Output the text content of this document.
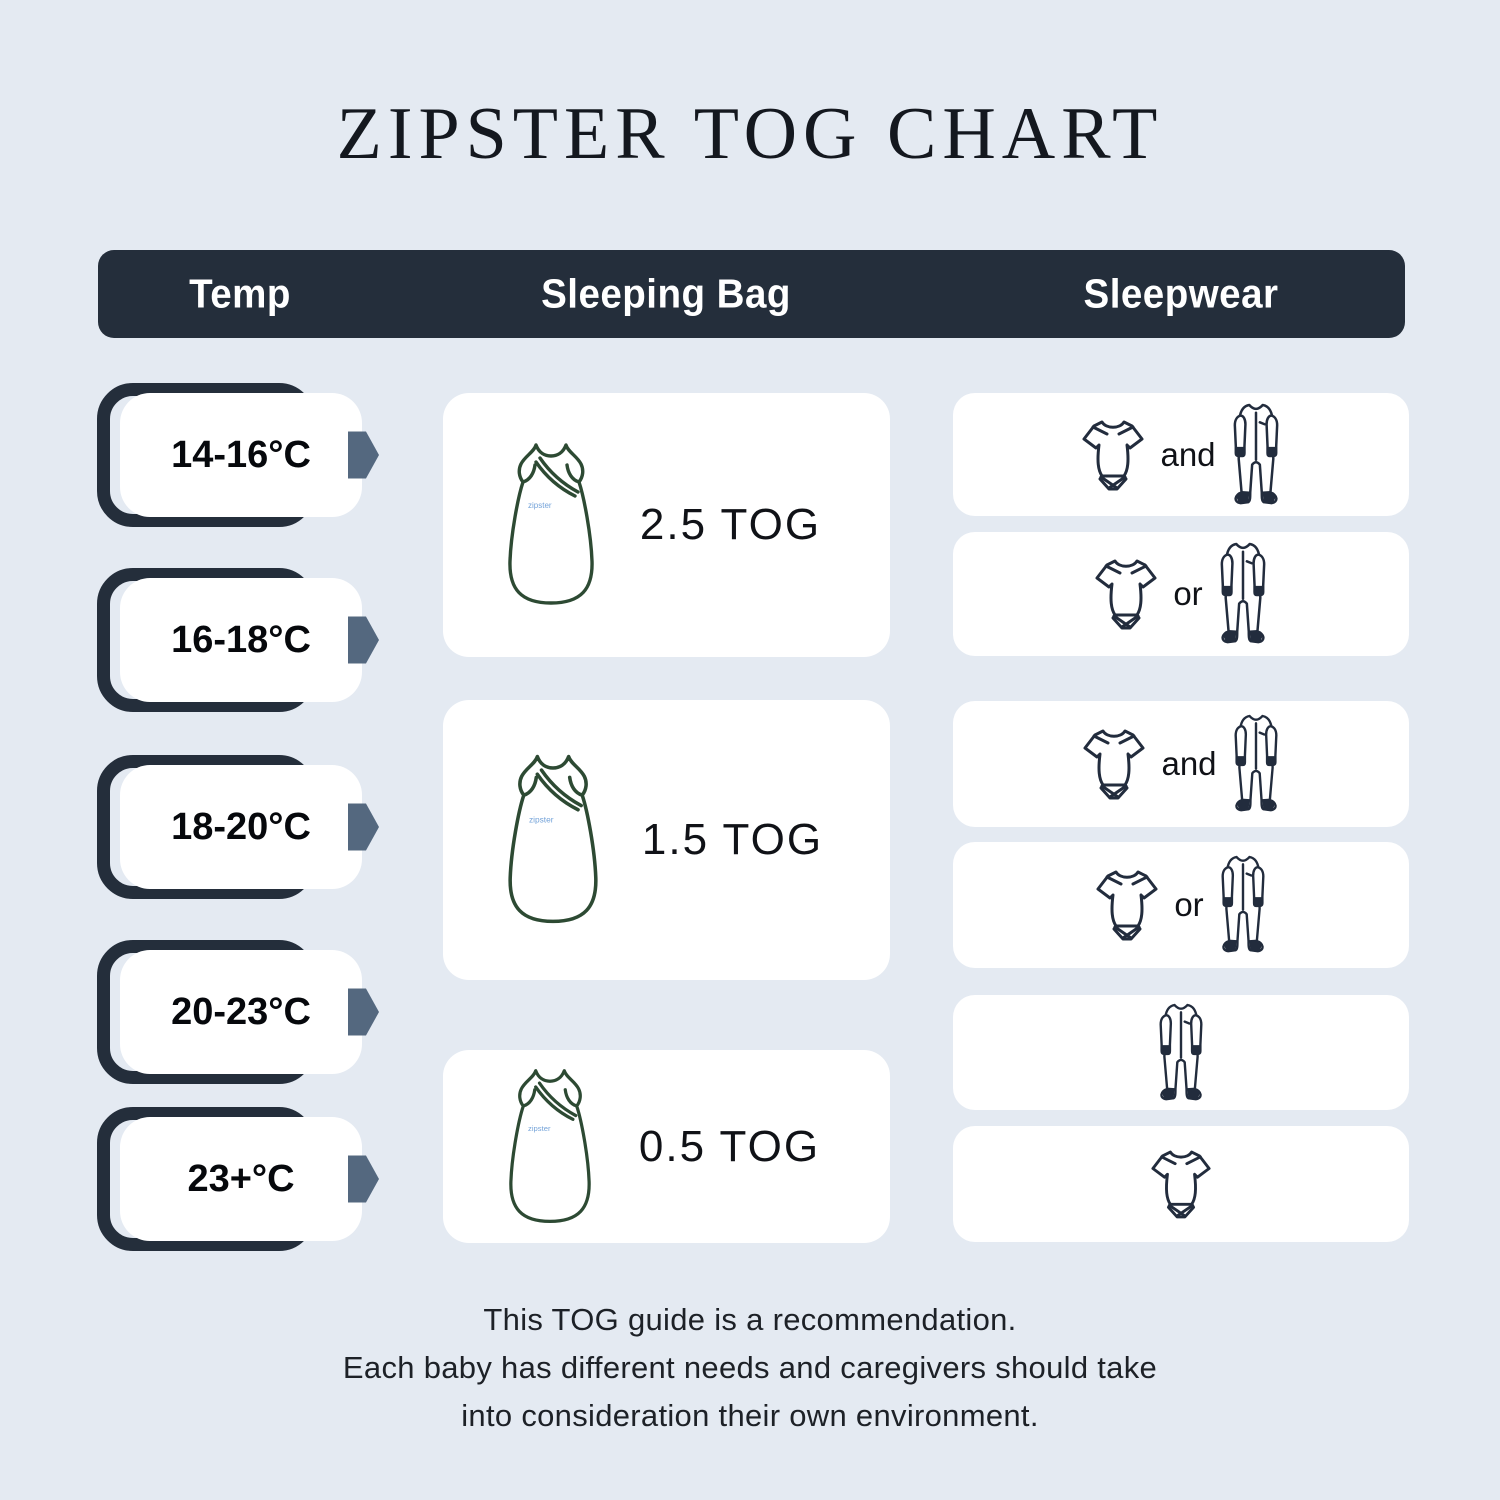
ZIPSTER TOG CHART
Temp	Sleeping Bag	Sleepwear
14-16°C
16-18°C
18-20°C
20-23°C
23+°C
2.5 TOG
1.5 TOG
0.5 TOG
and
or
and
or

This TOG guide is a recommendation.

Each baby has different needs and caregivers should take

into consideration their own environment.
